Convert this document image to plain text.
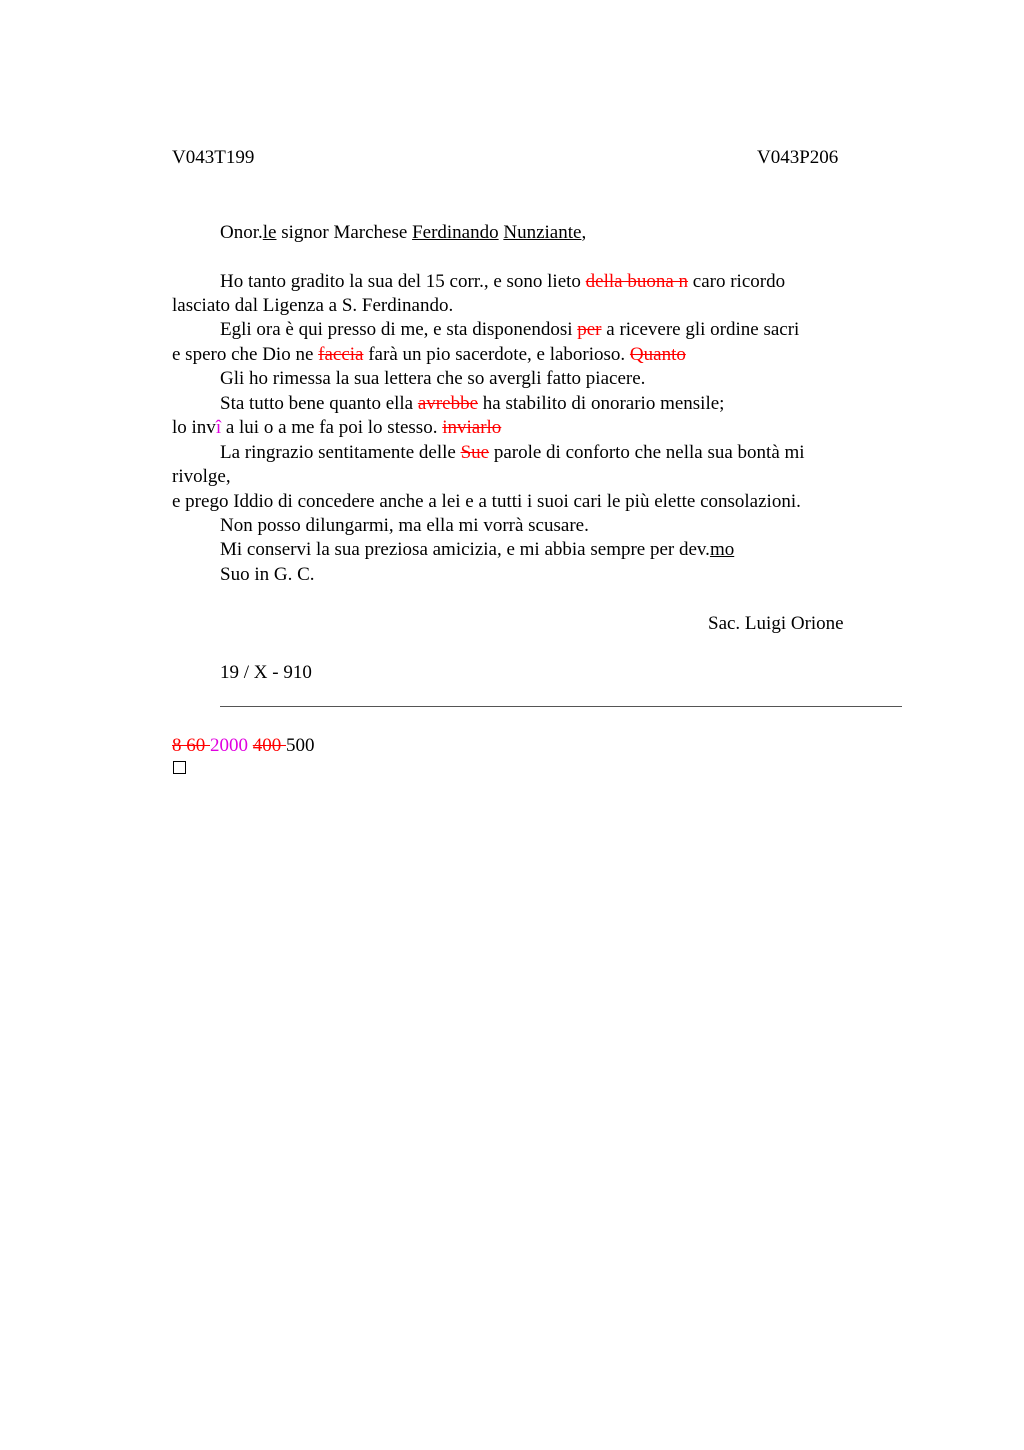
V043T199	V043P206
Onor.le signor Marchese Ferdinando Nunziante,
Ho tanto gradito la sua del 15 corr., e sono lieto della buona n caro ricordo
lasciato dal Ligenza a S. Ferdinando.
Egli ora è qui presso di me, e sta disponendosi per a ricevere gli ordine sacri
e spero che Dio ne faccia farà un pio sacerdote, e laborioso. Quanto
Gli ho rimessa la sua lettera che so avergli fatto piacere.
Sta tutto bene quanto ella avrebbe ha stabilito di onorario mensile;
lo invî a lui o a me fa poi lo stesso. inviarlo
La ringrazio sentitamente delle Sue parole di conforto che nella sua bontà mi
rivolge,
e prego Iddio di concedere anche a lei e a tutti i suoi cari le più elette consolazioni.
Non posso dilungarmi, ma ella mi vorrà scusare.
Mi conservi la sua preziosa amicizia, e mi abbia sempre per dev.mo
Suo in G. C.
Sac. Luigi Orione
19 / X - 910
8 60 2000 400 500
